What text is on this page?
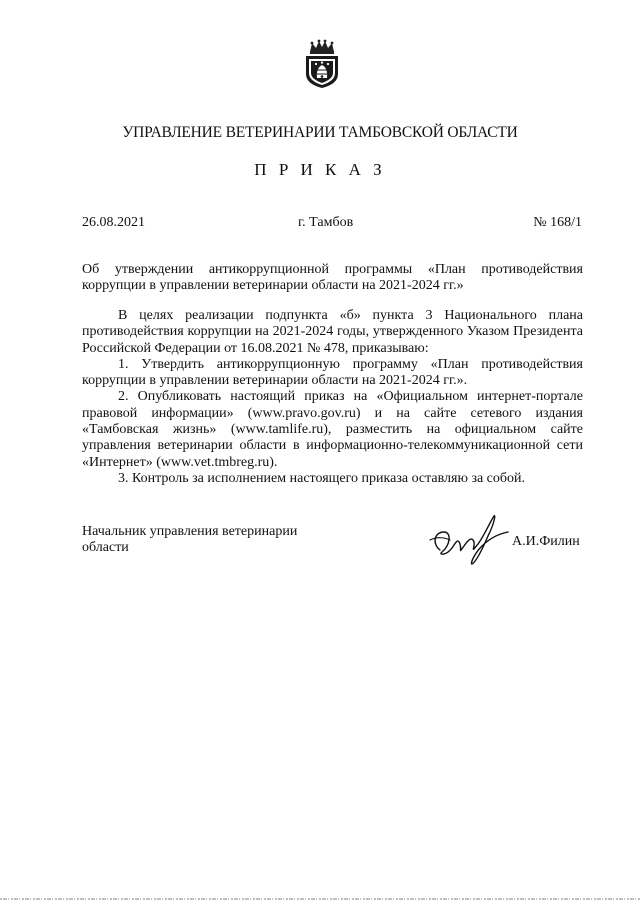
УПРАВЛЕНИЕ ВЕТЕРИНАРИИ ТАМБОВСКОЙ ОБЛАСТИ
П Р И К А З
26.08.2021	г. Тамбов	№ 168/1
Об утверждении антикоррупционной программы «План противодействия коррупции в управлении ветеринарии области на 2021-2024 гг.»

В целях реализации подпункта «б» пункта 3 Национального плана противодействия коррупции на 2021-2024 годы, утвержденного Указом Президента Российской Федерации от 16.08.2021 № 478, приказываю:

1. Утвердить антикоррупционную программу «План противодействия коррупции в управлении ветеринарии области на 2021-2024 гг.».

2. Опубликовать настоящий приказ на «Официальном интернет-портале правовой информации» (www.pravo.gov.ru) и на сайте сетевого издания «Тамбовская жизнь» (www.tamlife.ru), разместить на официальном сайте управления ветеринарии области в информационно-телекоммуникационной сети «Интернет» (www.vet.tmbreg.ru).

3. Контроль за исполнением настоящего приказа оставляю за собой.

Начальник управления ветеринарии
области	А.И.Филин
